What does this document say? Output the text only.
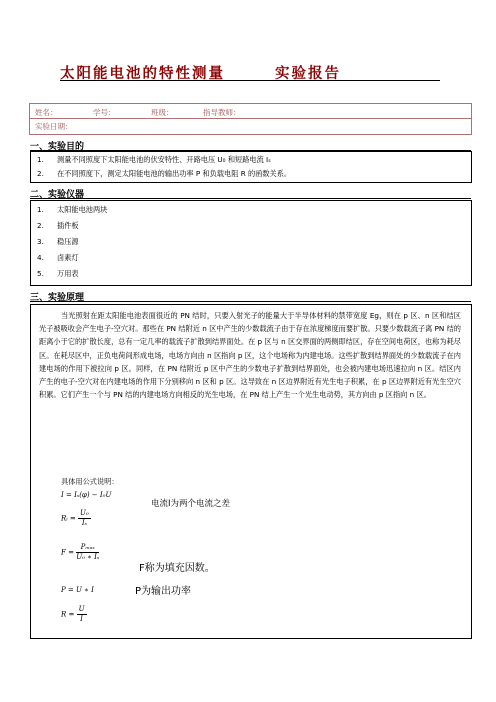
太阳能电池的特性测量	实验报告
姓名：	学号：	班级：	指导教师：
实验日期：
一、实验目的
1. 测量不同照度下太阳能电池的伏安特性、开路电压 U₀ 和短路电流 Iₛ
2. 在不同照度下，测定太阳能电池的输出功率 P 和负载电阻 R 的函数关系。
二、实验仪器
1. 太阳能电池两块
2. 插件板
3. 稳压源
4. 卤素灯
5. 万用表
三、实验原理
当光照射在距太阳能电池表面很近的 PN 结时，只要入射光子的能量大于半导体材料的禁带宽度 Eg，则在 p 区、n 区和结区光子被吸收会产生电子-空穴对。那些在 PN 结附近 n 区中产生的少数载流子由于存在浓度梯度而要扩散。只要少数载流子离 PN 结的距离小于它的扩散长度，总有一定几率的载流子扩散到结界面处。在 p 区与 n 区交界面的两侧即结区，存在空间电荷区，也称为耗尽区。在耗尽区中，正负电荷间形成电场，电场方向由 n 区指向 p 区，这个电场称为内建电场。这些扩散到结界面处的少数载流子在内建电场的作用下被拉向 p 区。同样，在 PN 结附近 p 区中产生的少数电子扩散到结界面处，也会被内建电场迅速拉向 n 区。结区内产生的电子-空穴对在内建电场的作用下分别移向 n 区和 p 区。这导致在 n 区边界附近有光生电子积累，在 p 区边界附近有光生空穴积累。它们产生一个与 PN 结的内建电场方向相反的光生电场，在 PN 结上产生一个光生电动势，其方向由 p 区指向 n 区。
具体用公式说明：
I = Iₛ(φ) − I₀U
Rᵢ = $\frac{\text{U₀}}{\text{Iₛ}}$
$F = \frac{\text{Pₘₐₓ}}{\text{U₀ ∗ Iₛ}}$
P = U ∗ I
$R = \frac{U}{I}$
电流I为两个电流之差
F称为填充因数。
P为输出功率
